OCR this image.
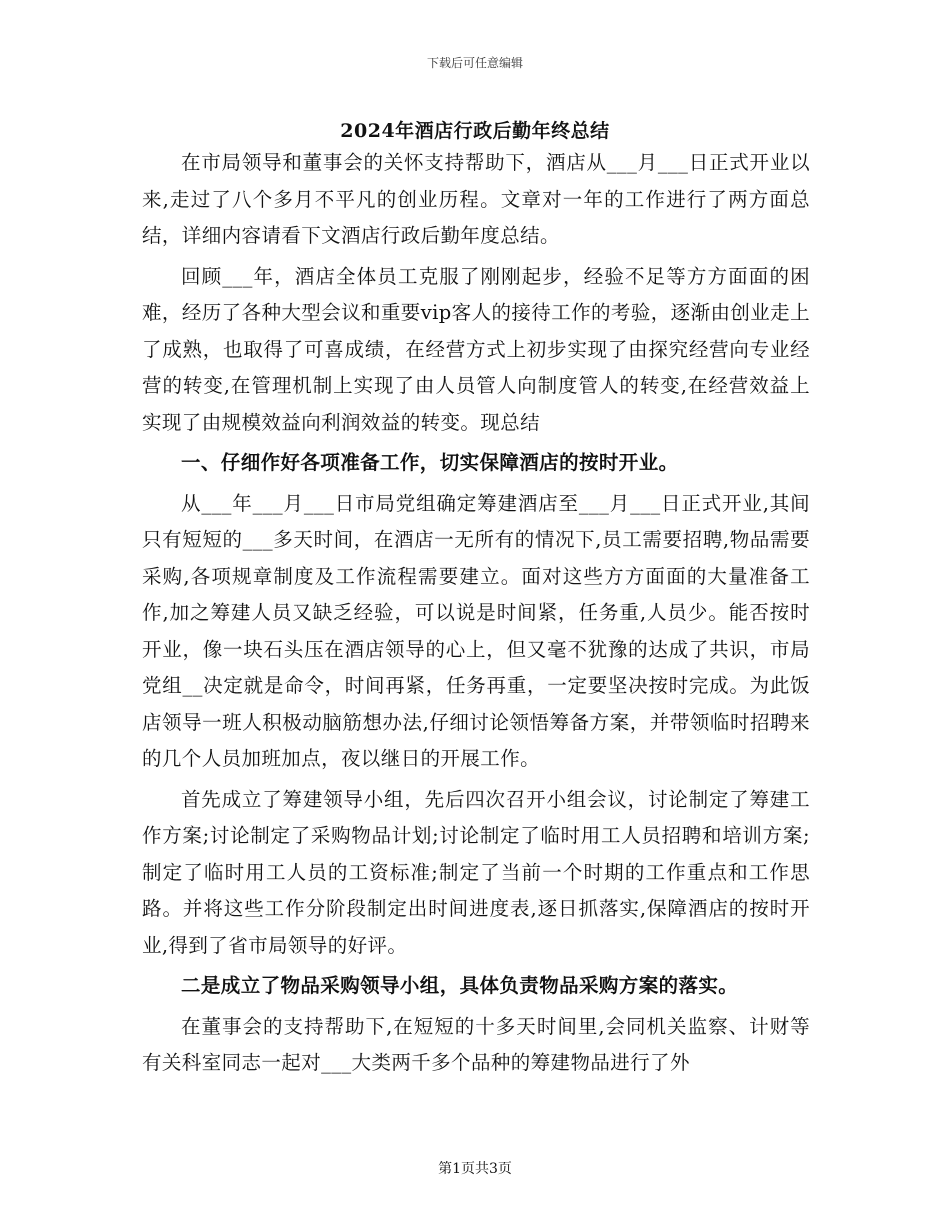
下载后可任意编辑
2024年酒店行政后勤年终总结

在市局领导和董事会的关怀支持帮助下，酒店从___月___日正式开业以来,走过了八个多月不平凡的创业历程。文章对一年的工作进行了两方面总结，详细内容请看下文酒店行政后勤年度总结。

回顾___年，酒店全体员工克服了刚刚起步，经验不足等方方面面的困难，经历了各种大型会议和重要vip客人的接待工作的考验，逐渐由创业走上了成熟，也取得了可喜成绩，在经营方式上初步实现了由探究经营向专业经营的转变,在管理机制上实现了由人员管人向制度管人的转变,在经营效益上实现了由规模效益向利润效益的转变。现总结

一、仔细作好各项准备工作，切实保障酒店的按时开业。

从___年___月___日市局党组确定筹建酒店至___月___日正式开业,其间只有短短的___多天时间，在酒店一无所有的情况下,员工需要招聘,物品需要采购,各项规章制度及工作流程需要建立。面对这些方方面面的大量准备工作,加之筹建人员又缺乏经验，可以说是时间紧，任务重,人员少。能否按时开业，像一块石头压在酒店领导的心上，但又毫不犹豫的达成了共识，市局党组__决定就是命令，时间再紧，任务再重，一定要坚决按时完成。为此饭店领导一班人积极动脑筋想办法,仔细讨论领悟筹备方案，并带领临时招聘来的几个人员加班加点，夜以继日的开展工作。

首先成立了筹建领导小组，先后四次召开小组会议，讨论制定了筹建工作方案;讨论制定了采购物品计划;讨论制定了临时用工人员招聘和培训方案;制定了临时用工人员的工资标准;制定了当前一个时期的工作重点和工作思路。并将这些工作分阶段制定出时间进度表,逐日抓落实,保障酒店的按时开业,得到了省市局领导的好评。

二是成立了物品采购领导小组，具体负责物品采购方案的落实。

在董事会的支持帮助下,在短短的十多天时间里,会同机关监察、计财等有关科室同志一起对___大类两千多个品种的筹建物品进行了外

第1页共3页
